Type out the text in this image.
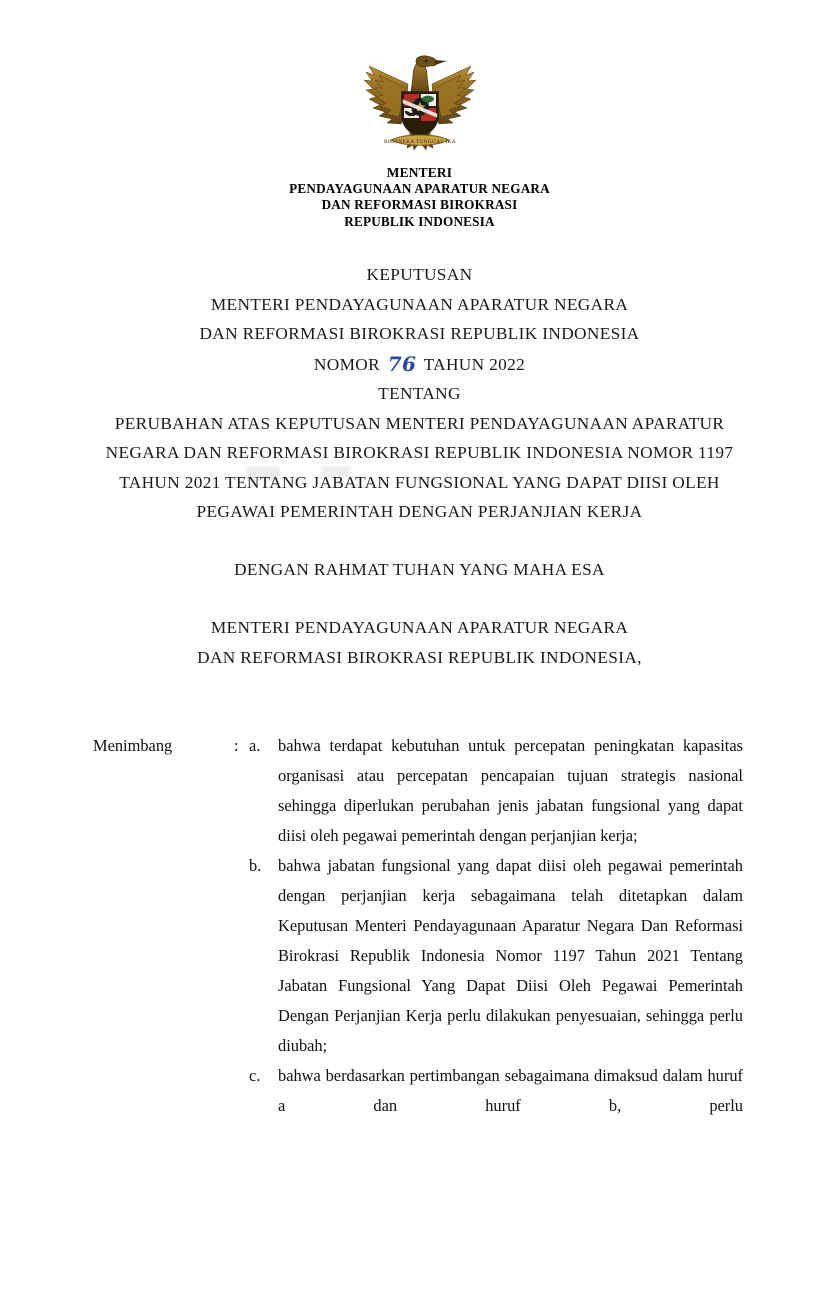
BHINNEKA TUNGGAL IKA
MENTERI
PENDAYAGUNAAN APARATUR NEGARA
DAN REFORMASI BIROKRASI
REPUBLIK INDONESIA
KEPUTUSAN
MENTERI PENDAYAGUNAAN APARATUR NEGARA
DAN REFORMASI BIROKRASI REPUBLIK INDONESIA
NOMOR 76 TAHUN 2022
TENTANG
PERUBAHAN ATAS KEPUTUSAN MENTERI PENDAYAGUNAAN APARATUR
NEGARA DAN REFORMASI BIROKRASI REPUBLIK INDONESIA NOMOR 1197
TAHUN 2021 TENTANG JABATAN FUNGSIONAL YANG DAPAT DIISI OLEH
PEGAWAI PEMERINTAH DENGAN PERJANJIAN KERJA
DENGAN RAHMAT TUHAN YANG MAHA ESA
MENTERI PENDAYAGUNAAN APARATUR NEGARA
DAN REFORMASI BIROKRASI REPUBLIK INDONESIA,
Menimbang	: a.	bahwa terdapat kebutuhan untuk percepatan peningkatan kapasitas organisasi atau percepatan pencapaian tujuan strategis nasional sehingga diperlukan perubahan jenis jabatan fungsional yang dapat diisi oleh pegawai pemerintah dengan perjanjian kerja;

b.	bahwa jabatan fungsional yang dapat diisi oleh pegawai pemerintah dengan perjanjian kerja sebagaimana telah ditetapkan dalam Keputusan Menteri Pendayagunaan Aparatur Negara Dan Reformasi Birokrasi Republik Indonesia Nomor 1197 Tahun 2021 Tentang Jabatan Fungsional Yang Dapat Diisi Oleh Pegawai Pemerintah Dengan Perjanjian Kerja perlu dilakukan penyesuaian, sehingga perlu diubah;

c.	bahwa berdasarkan pertimbangan sebagaimana dimaksud dalam huruf a dan huruf b, perlu
